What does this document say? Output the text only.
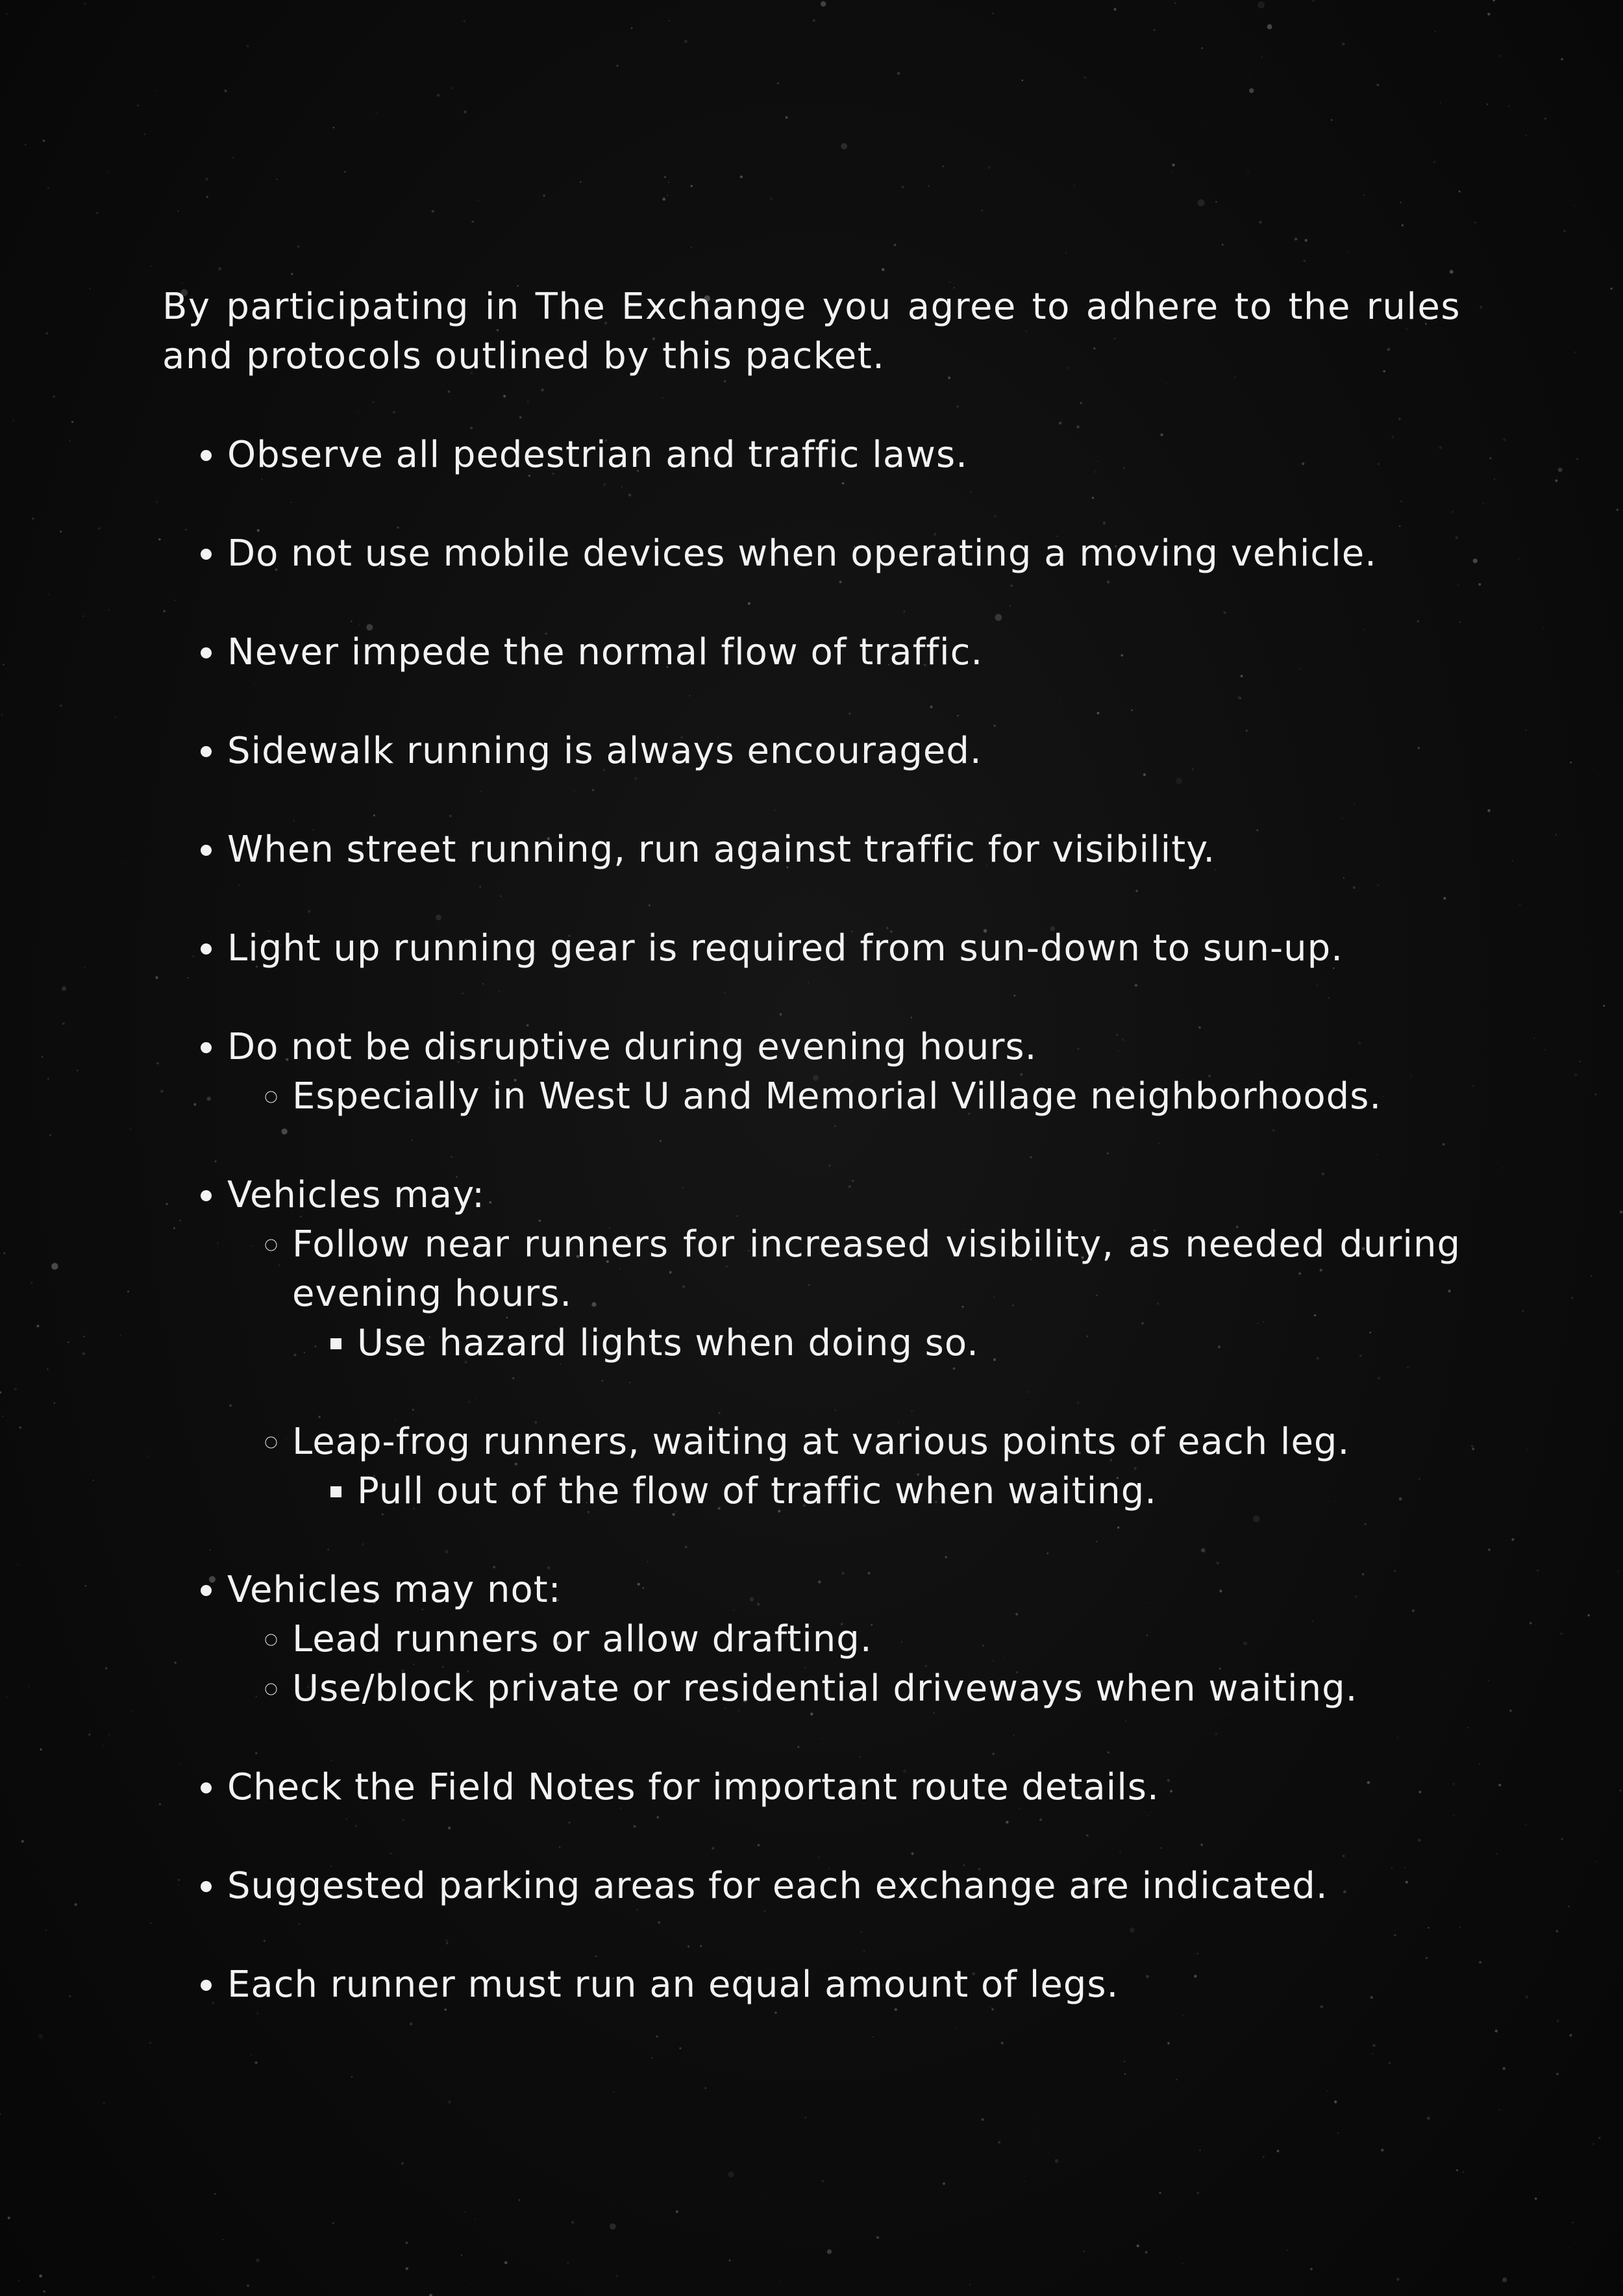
By participating in The Exchange you agree to adhere to the rules and protocols outlined by this packet.

• Observe all pedestrian and traffic laws.
• Do not use mobile devices when operating a moving vehicle.
• Never impede the normal flow of traffic.
• Sidewalk running is always encouraged.
• When street running, run against traffic for visibility.
• Light up running gear is required from sun-down to sun-up.
• Do not be disruptive during evening hours.
◦ Especially in West U and Memorial Village neighborhoods.
• Vehicles may:
◦ Follow near runners for increased visibility, as needed during evening hours.
▪ Use hazard lights when doing so.
◦ Leap-frog runners, waiting at various points of each leg.
▪ Pull out of the flow of traffic when waiting.
• Vehicles may not:
◦ Lead runners or allow drafting.
◦ Use/block private or residential driveways when waiting.
• Check the Field Notes for important route details.
• Suggested parking areas for each exchange are indicated.
• Each runner must run an equal amount of legs.
